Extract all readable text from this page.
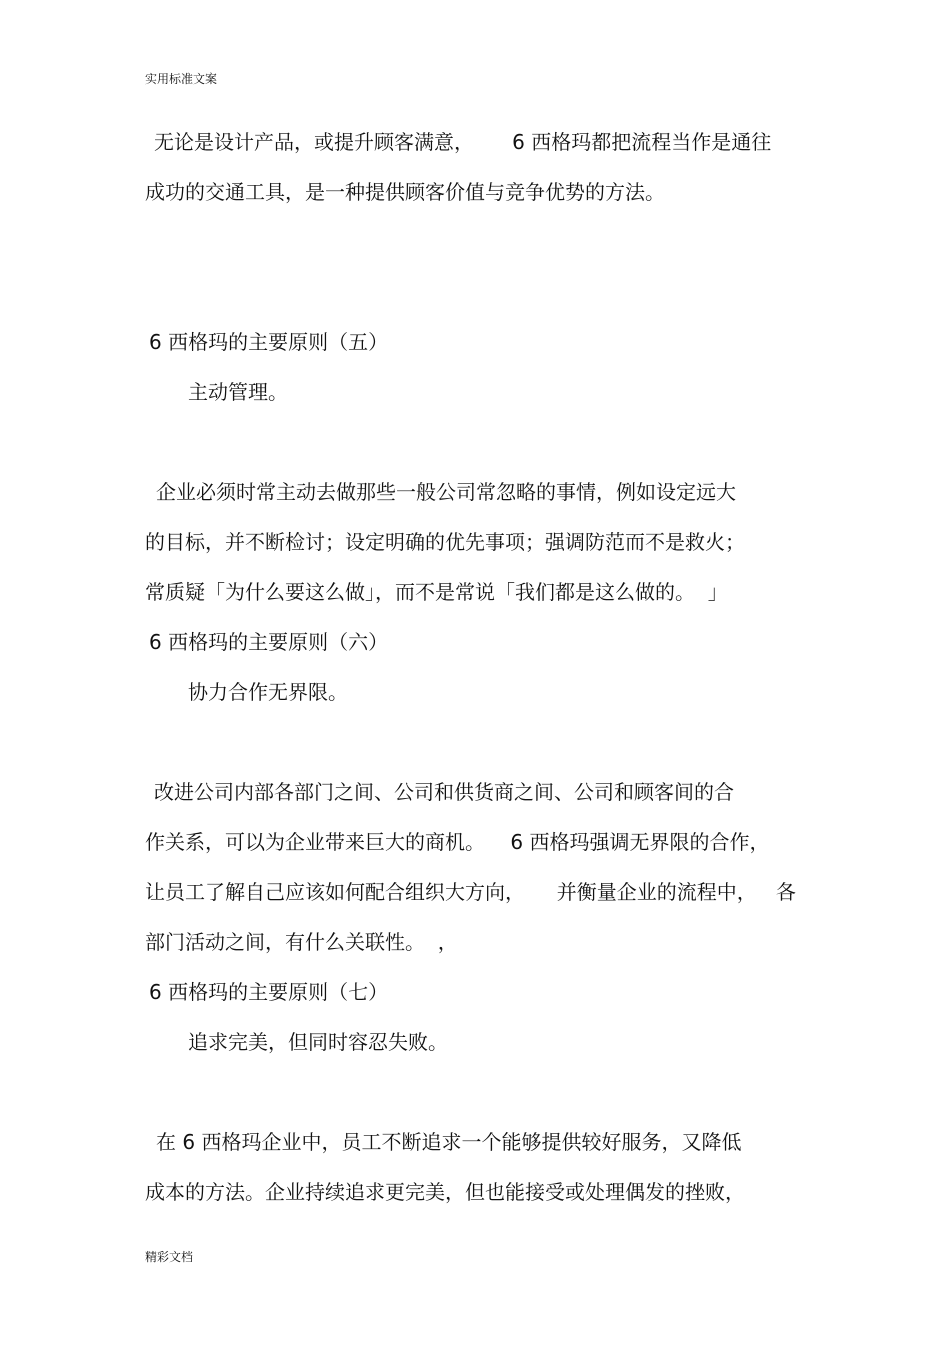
实用标准文案
无论是设计产品，或提升顾客满意，      6 西格玛都把流程当作是通往
成功的交通工具，是一种提供顾客价值与竞争优势的方法。
6 西格玛的主要原则（五）
主动管理。
企业必须时常主动去做那些一般公司常忽略的事情，例如设定远大
的目标，并不断检讨；设定明确的优先事项；强调防范而不是救火；
常质疑「为什么要这么做」，而不是常说「我们都是这么做的。  」
6 西格玛的主要原则（六）
协力合作无界限。
改进公司内部各部门之间、公司和供货商之间、公司和顾客间的合
作关系，可以为企业带来巨大的商机。    6 西格玛强调无界限的合作，
让员工了解自己应该如何配合组织大方向，     并衡量企业的流程中，   各
部门活动之间，有什么关联性。  ，
6 西格玛的主要原则（七）
追求完美，但同时容忍失败。
在 6 西格玛企业中，员工不断追求一个能够提供较好服务，又降低
成本的方法。企业持续追求更完美，但也能接受或处理偶发的挫败，
精彩文档
